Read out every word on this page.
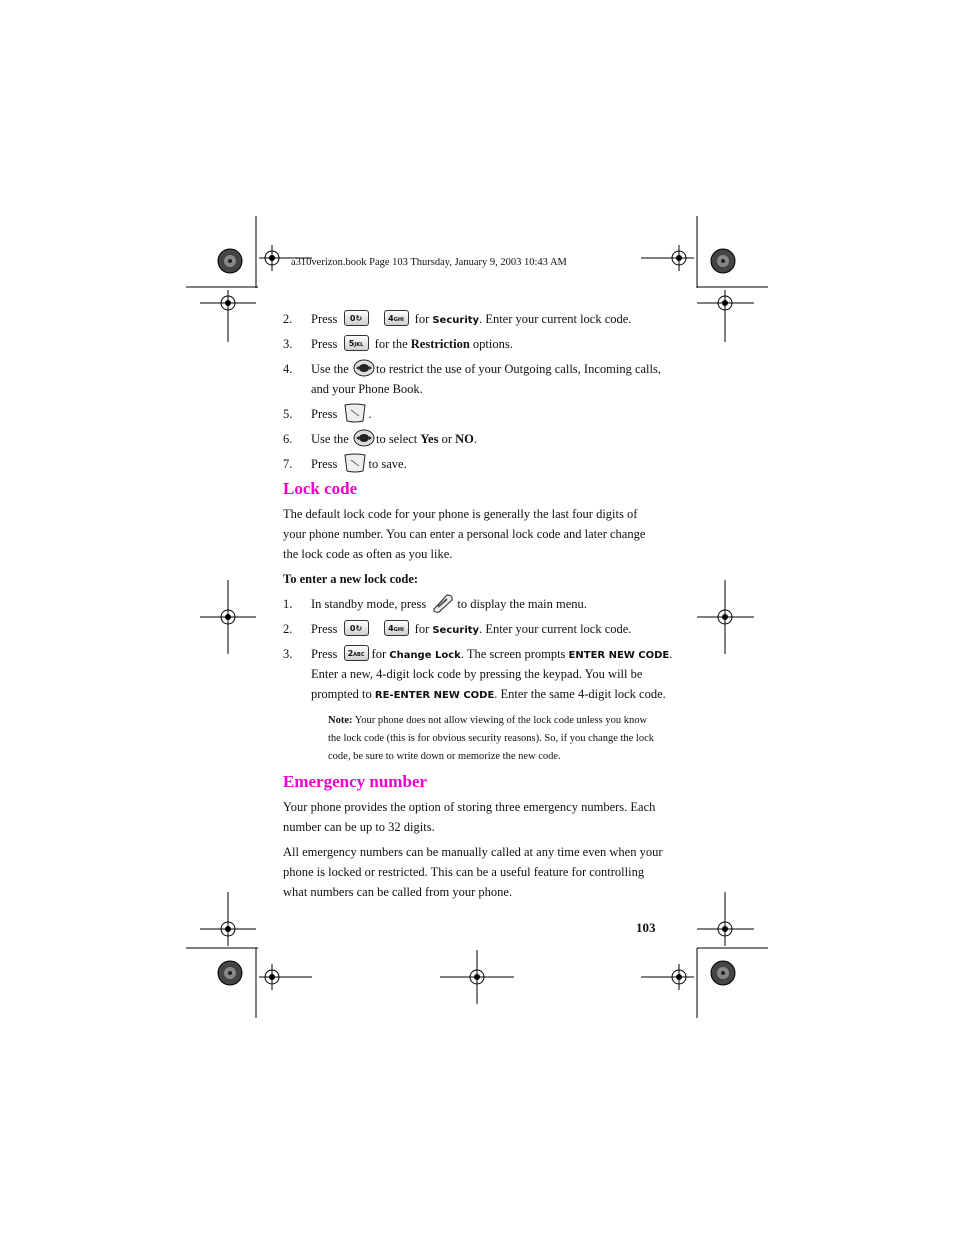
a310verizon.book Page 103 Thursday, January 9, 2003 10:43 AM
2. Press 0↻	4GHI for Security. Enter your current lock code.
3. Press 5JKL for the Restriction options.
4. Use the to restrict the use of your Outgoing calls, Incoming calls,
and your Phone Book.
5. Press .
6. Use the to select Yes or NO.
7. Press to save.
Lock code
The default lock code for your phone is generally the last four digits of your phone number. You can enter a personal lock code and later change the lock code as often as you like.
To enter a new lock code:
1. In standby mode, press to display the main menu.
2. Press 0↻	4GHI for Security. Enter your current lock code.
3. Press 2ABC for Change Lock. The screen prompts ENTER NEW CODE.
Enter a new, 4-digit lock code by pressing the keypad. You will be
prompted to RE-ENTER NEW CODE. Enter the same 4-digit lock code.
Note: Your phone does not allow viewing of the lock code unless you know the lock code (this is for obvious security reasons). So, if you change the lock code, be sure to write down or memorize the new code.
Emergency number
Your phone provides the option of storing three emergency numbers. Each number can be up to 32 digits.
All emergency numbers can be manually called at any time even when your phone is locked or restricted. This can be a useful feature for controlling what numbers can be called from your phone.
103
